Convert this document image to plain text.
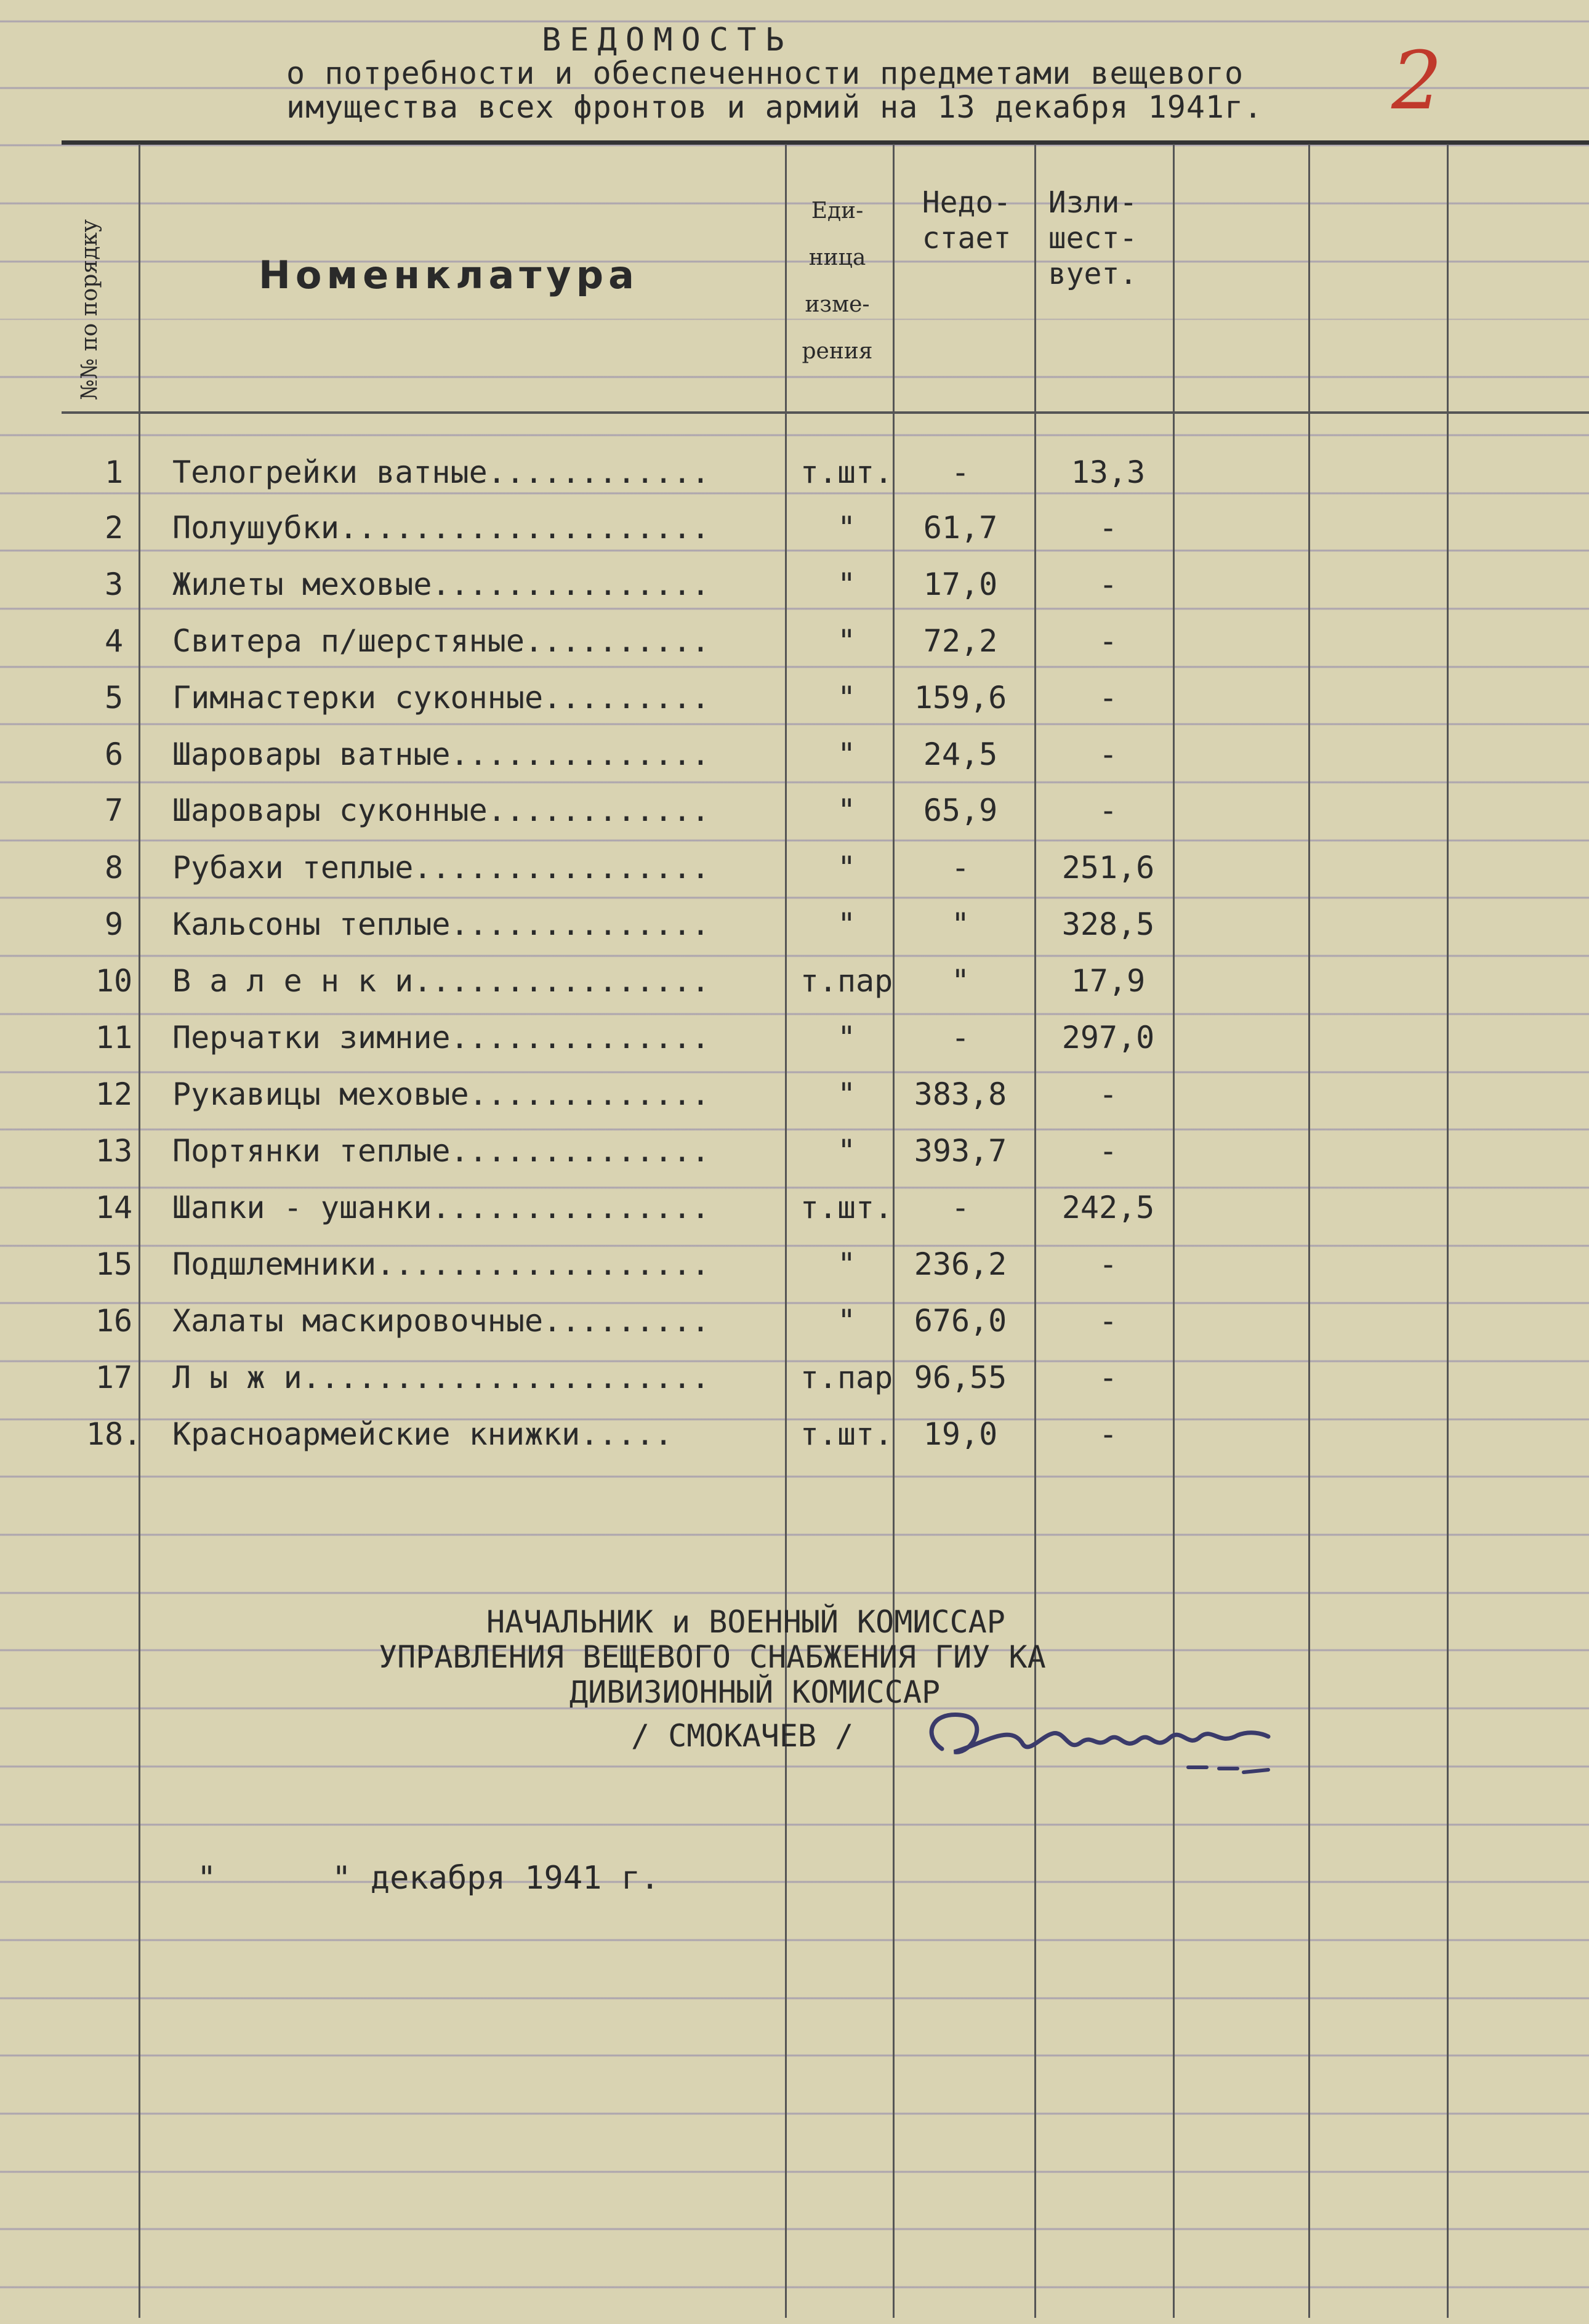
ВЕДОМОСТЬ
о потребности и обеспеченности предметами вещевого
имущества всех фронтов и армий на 13 декабря 1941г. 2
№№ по порядку	Номенклатура
Еди-
ница
изме-
рения
Недо-
стает
Изли-
шест-
вует.
1	Телогрейки ватные............	т.шт.	-	13,3
2	Полушубки....................	"	61,7	-
3	Жилеты меховые...............	"	17,0	-
4	Свитера п/шерстяные..........	"	72,2	-
5	Гимнастерки суконные.........	"	159,6	-
6	Шаровары ватные..............	"	24,5	-
7	Шаровары суконные............	"	65,9	-
8	Рубахи теплые................	"	-	251,6
9	Кальсоны теплые..............	"	"	328,5
10	В а л е н к и................	т.пар	"	17,9
11	Перчатки зимние..............	"	-	297,0
12	Рукавицы меховые.............	"	383,8	-
13	Портянки теплые..............	"	393,7	-
14	Шапки - ушанки...............	т.шт.	-	242,5
15	Подшлемники..................	"	236,2	-
16	Халаты маскировочные.........	"	676,0	-
17	Л ы ж и......................	т.пар 96,55	-
18. Красноармейские книжки.....	т.шт. 19,0	-
НАЧАЛЬНИК и ВОЕННЫЙ КОМИССАР
УПРАВЛЕНИЯ ВЕЩЕВОГО СНАБЖЕНИЯ ГИУ КА
ДИВИЗИОННЫЙ КОМИССАР
/ СМОКАЧЕВ /
"      " декабря 1941 г.
